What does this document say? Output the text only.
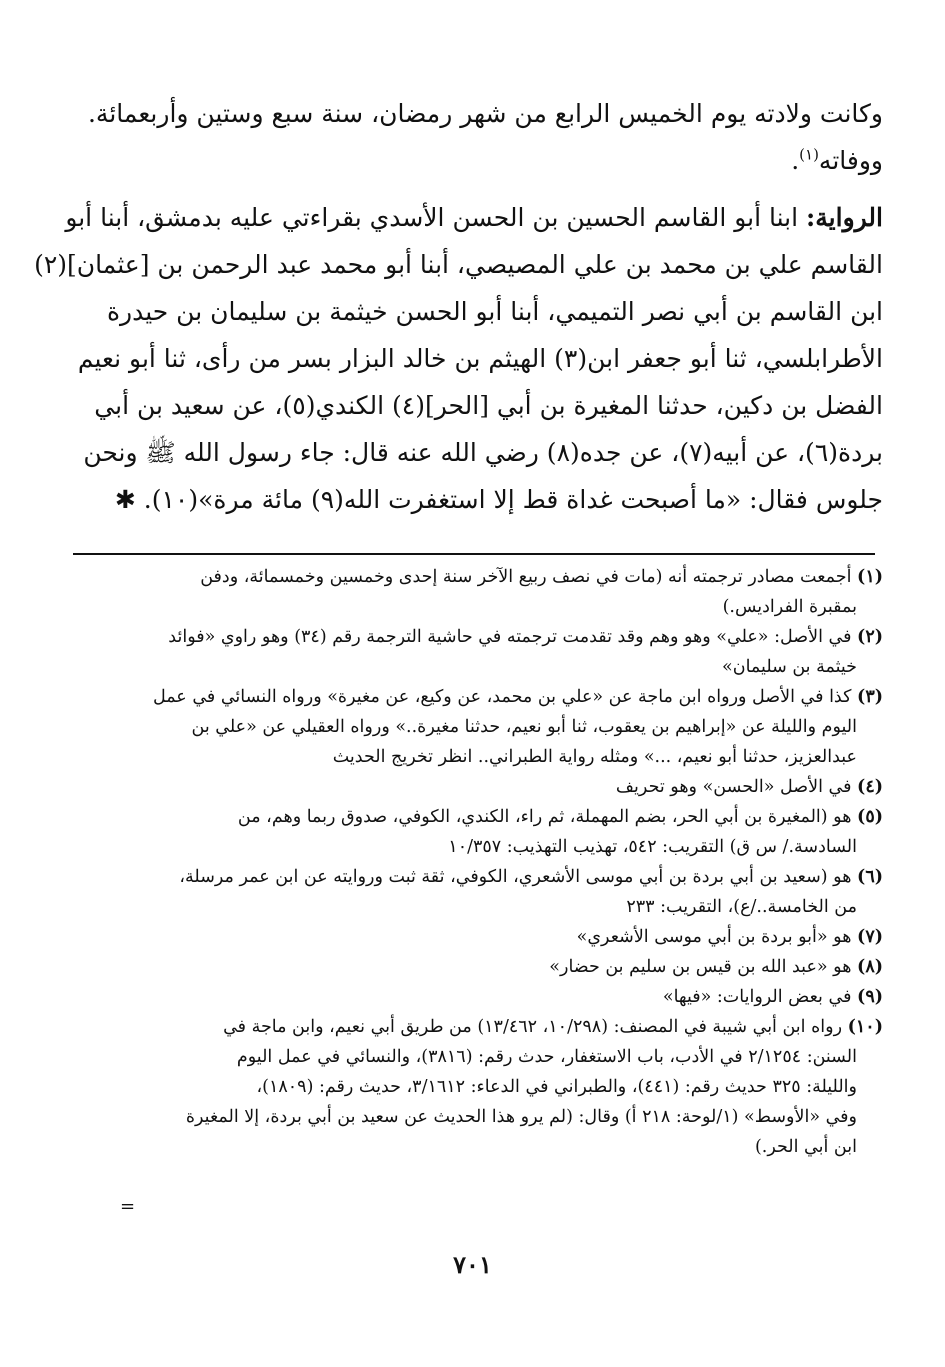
وكانت ولادته يوم الخميس الرابع من شهر رمضان، سنة سبع وستين وأربعمائة.
ووفاته$^{(١)}$.
الرواية: ابنا أبو القاسم الحسين بن الحسن الأسدي بقراءتي عليه بدمشق، أبنا أبو
القاسم علي بن محمد بن علي المصيصي، أبنا أبو محمد عبد الرحمن بن [عثمان](٢)
ابن القاسم بن أبي نصر التميمي، أبنا أبو الحسن خيثمة بن سليمان بن حيدرة
الأطرابلسي، ثنا أبو جعفر ابن(٣) الهيثم بن خالد البزار بسر من رأى، ثنا أبو نعيم
الفضل بن دكين، حدثنا المغيرة بن أبي [الحر](٤) الكندي(٥)، عن سعيد بن أبي
بردة(٦)، عن أبيه(٧)، عن جده(٨) رضي الله عنه قال: جاء رسول الله ﷺ ونحن
جلوس فقال: «ما أصبحت غداة قط إلا استغفرت الله(٩) مائة مرة»(١٠). ✱
(١) أجمعت مصادر ترجمته أنه (مات في نصف ربيع الآخر سنة إحدى وخمسين وخمسمائة، ودفن
بمقبرة الفراديس.)
(٢) في الأصل: «علي» وهو وهم وقد تقدمت ترجمته في حاشية الترجمة رقم (٣٤) وهو راوي «فوائد
خيثمة بن سليمان»
(٣) كذا في الأصل ورواه ابن ماجة عن «علي بن محمد، عن وكيع، عن مغيرة» ورواه النسائي في عمل
اليوم والليلة عن «إبراهيم بن يعقوب، ثنا أبو نعيم، حدثنا مغيرة..» ورواه العقيلي عن «علي بن
عبدالعزيز، حدثنا أبو نعيم، ...» ومثله رواية الطبراني.. انظر تخريج الحديث
(٤) في الأصل «الحسن» وهو تحريف
(٥) هو (المغيرة بن أبي الحر، بضم المهملة، ثم راء، الكندي، الكوفي، صدوق ربما وهم، من
السادسة./ س ق) التقريب: ٥٤٢، تهذيب التهذيب: ١٠/٣٥٧
(٦) هو (سعيد بن أبي بردة بن أبي موسى الأشعري، الكوفي، ثقة ثبت وروايته عن ابن عمر مرسلة،
من الخامسة../ع)، التقريب: ٢٣٣
(٧) هو «أبو بردة بن أبي موسى الأشعري»
(٨) هو «عبد الله بن قيس بن سليم بن حضار»
(٩) في بعض الروايات: «فيها»
(١٠) رواه ابن أبي شيبة في المصنف: (١٠/٢٩٨، ١٣/٤٦٢) من طريق أبي نعيم، وابن ماجة في
السنن: ٢/١٢٥٤ في الأدب، باب الاستغفار، حدث رقم: (٣٨١٦)، والنسائي في عمل اليوم
والليلة: ٣٢٥ حديث رقم: (٤٤١)، والطبراني في الدعاء: ٣/١٦١٢، حديث رقم: (١٨٠٩)،
وفي «الأوسط» (١/لوحة: ٢١٨ أ) وقال: (لم يرو هذا الحديث عن سعيد بن أبي بردة، إلا المغيرة
ابن أبي الحر.)
=
٧٠١
